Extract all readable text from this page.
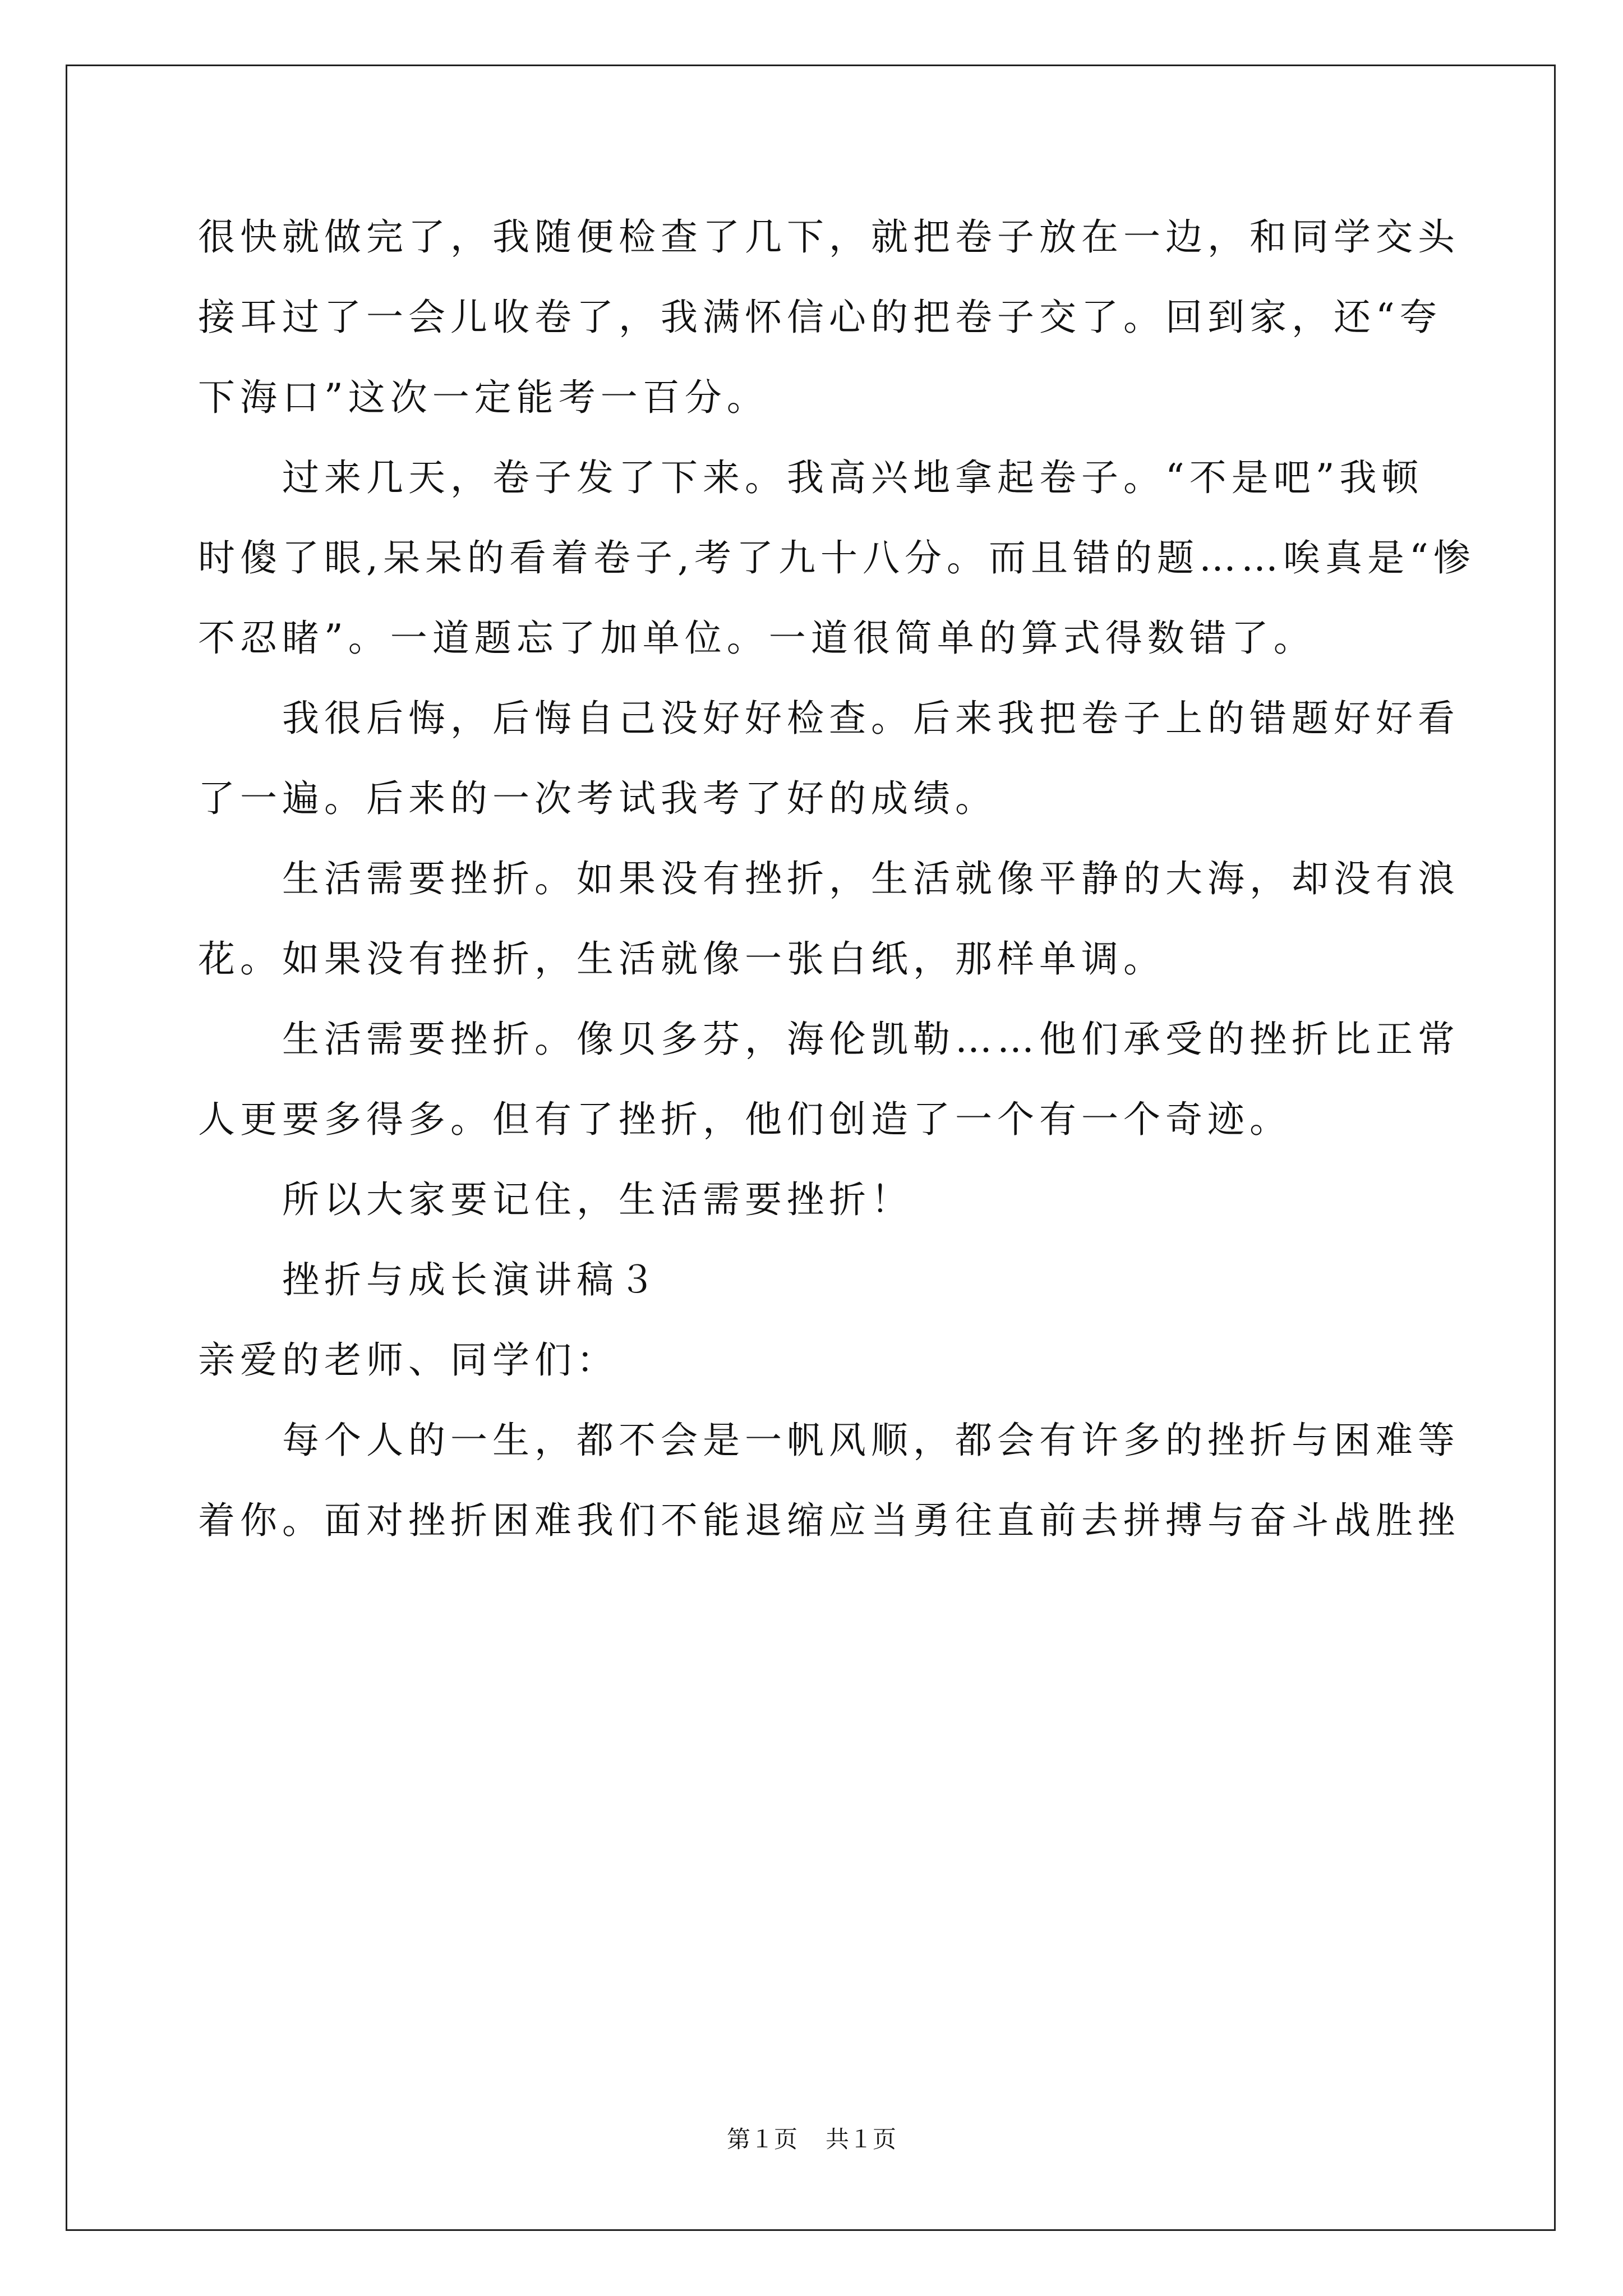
很快就做完了，我随便检查了几下，就把卷子放在一边，和同学交头
接耳过了一会儿收卷了，我满怀信心的把卷子交了。回到家，还“夸
下海口”这次一定能考一百分。
过来几天，卷子发了下来。我高兴地拿起卷子。“不是吧”我顿
时傻了眼,呆呆的看着卷子,考了九十八分。而且错的题……唉真是“惨
不忍睹”。一道题忘了加单位。一道很简单的算式得数错了。
我很后悔，后悔自己没好好检查。后来我把卷子上的错题好好看
了一遍。后来的一次考试我考了好的成绩。
生活需要挫折。如果没有挫折，生活就像平静的大海，却没有浪
花。如果没有挫折，生活就像一张白纸，那样单调。
生活需要挫折。像贝多芬，海伦凯勒……他们承受的挫折比正常
人更要多得多。但有了挫折，他们创造了一个有一个奇迹。
所以大家要记住，生活需要挫折！
挫折与成长演讲稿３
亲爱的老师、同学们：
每个人的一生，都不会是一帆风顺，都会有许多的挫折与困难等
着你。面对挫折困难我们不能退缩应当勇往直前去拼搏与奋斗战胜挫
第１页 共１页
